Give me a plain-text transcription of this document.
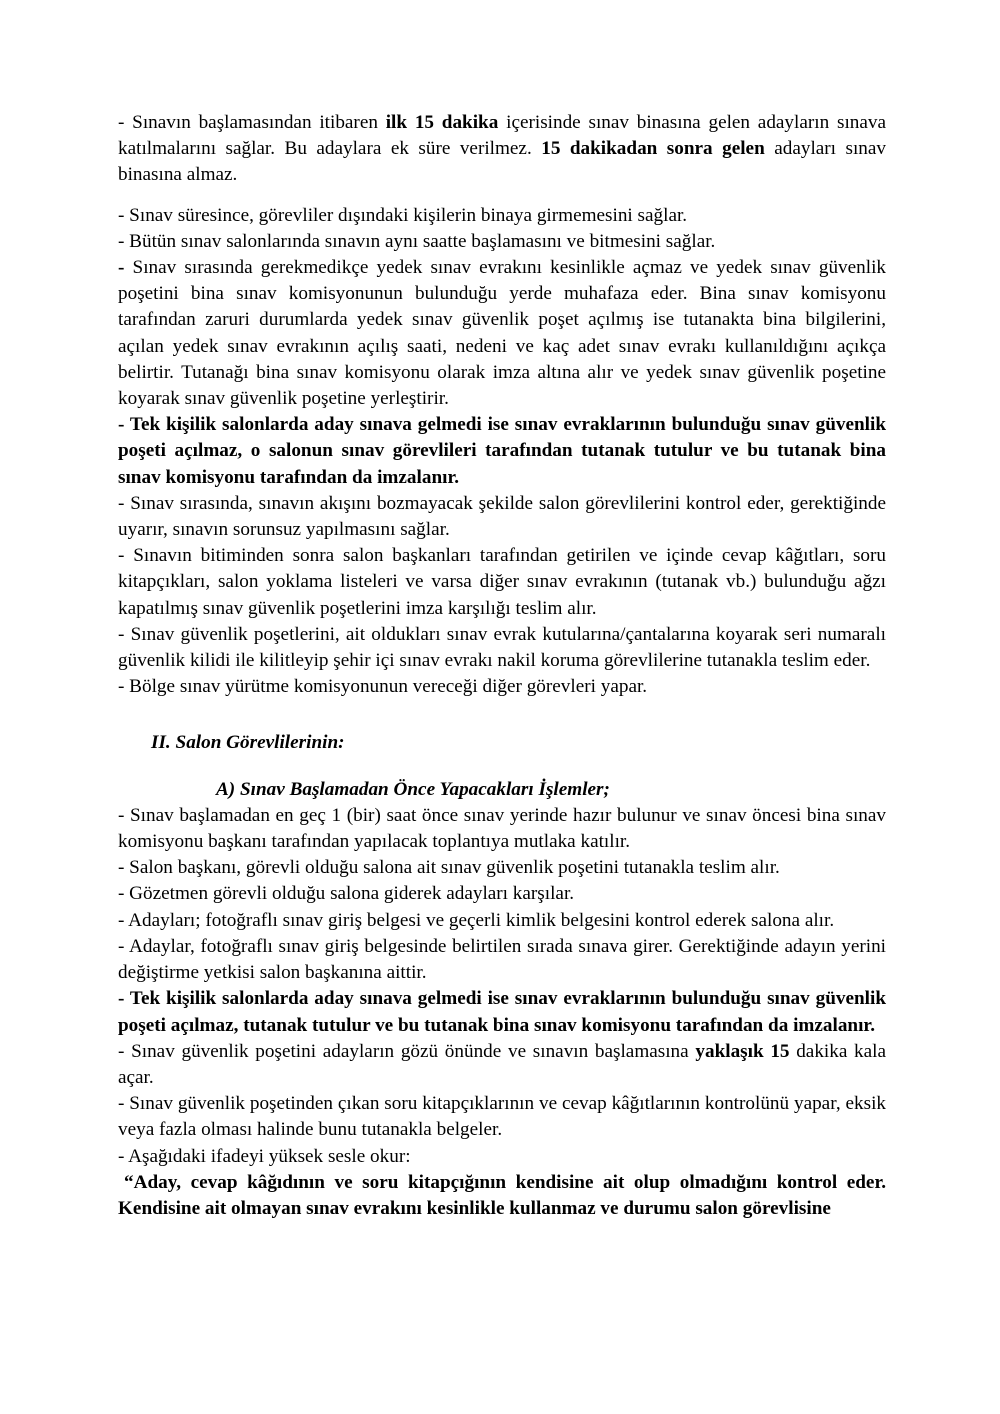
- Sınavın başlamasından itibaren ilk 15 dakika içerisinde sınav binasına gelen adayların sınava katılmalarını sağlar. Bu adaylara ek süre verilmez. 15 dakikadan sonra gelen adayları sınav binasına almaz.

- Sınav süresince, görevliler dışındaki kişilerin binaya girmemesini sağlar.

- Bütün sınav salonlarında sınavın aynı saatte başlamasını ve bitmesini sağlar.

- Sınav sırasında gerekmedikçe yedek sınav evrakını kesinlikle açmaz ve yedek sınav güvenlik poşetini bina sınav komisyonunun bulunduğu yerde muhafaza eder. Bina sınav komisyonu tarafından zaruri durumlarda yedek sınav güvenlik poşet açılmış ise tutanakta bina bilgilerini, açılan yedek sınav evrakının açılış saati, nedeni ve kaç adet sınav evrakı kullanıldığını açıkça belirtir. Tutanağı bina sınav komisyonu olarak imza altına alır ve yedek sınav güvenlik poşetine koyarak sınav güvenlik poşetine yerleştirir.

- Tek kişilik salonlarda aday sınava gelmedi ise sınav evraklarının bulunduğu sınav güvenlik poşeti açılmaz, o salonun sınav görevlileri tarafından tutanak tutulur ve bu tutanak bina sınav komisyonu tarafından da imzalanır.

- Sınav sırasında, sınavın akışını bozmayacak şekilde salon görevlilerini kontrol eder, gerektiğinde uyarır, sınavın sorunsuz yapılmasını sağlar.

- Sınavın bitiminden sonra salon başkanları tarafından getirilen ve içinde cevap kâğıtları, soru kitapçıkları, salon yoklama listeleri ve varsa diğer sınav evrakının (tutanak vb.) bulunduğu ağzı kapatılmış sınav güvenlik poşetlerini imza karşılığı teslim alır.

- Sınav güvenlik poşetlerini, ait oldukları sınav evrak kutularına/çantalarına koyarak seri numaralı güvenlik kilidi ile kilitleyip şehir içi sınav evrakı nakil koruma görevlilerine tutanakla teslim eder.

- Bölge sınav yürütme komisyonunun vereceği diğer görevleri yapar.

II. Salon Görevlilerinin:

A) Sınav Başlamadan Önce Yapacakları İşlemler;

- Sınav başlamadan en geç 1 (bir) saat önce sınav yerinde hazır bulunur ve sınav öncesi bina sınav komisyonu başkanı tarafından yapılacak toplantıya mutlaka katılır.

- Salon başkanı, görevli olduğu salona ait sınav güvenlik poşetini tutanakla teslim alır.

- Gözetmen görevli olduğu salona giderek adayları karşılar.

- Adayları; fotoğraflı sınav giriş belgesi ve geçerli kimlik belgesini kontrol ederek salona alır.

- Adaylar, fotoğraflı sınav giriş belgesinde belirtilen sırada sınava girer. Gerektiğinde adayın yerini değiştirme yetkisi salon başkanına aittir.

- Tek kişilik salonlarda aday sınava gelmedi ise sınav evraklarının bulunduğu sınav güvenlik poşeti açılmaz, tutanak tutulur ve bu tutanak bina sınav komisyonu tarafından da imzalanır.

- Sınav güvenlik poşetini adayların gözü önünde ve sınavın başlamasına yaklaşık 15 dakika kala açar.

- Sınav güvenlik poşetinden çıkan soru kitapçıklarının ve cevap kâğıtlarının kontrolünü yapar, eksik veya fazla olması halinde bunu tutanakla belgeler.

- Aşağıdaki ifadeyi yüksek sesle okur:

“Aday, cevap kâğıdının ve soru kitapçığının kendisine ait olup olmadığını kontrol eder. Kendisine ait olmayan sınav evrakını kesinlikle kullanmaz ve durumu salon görevlisine
